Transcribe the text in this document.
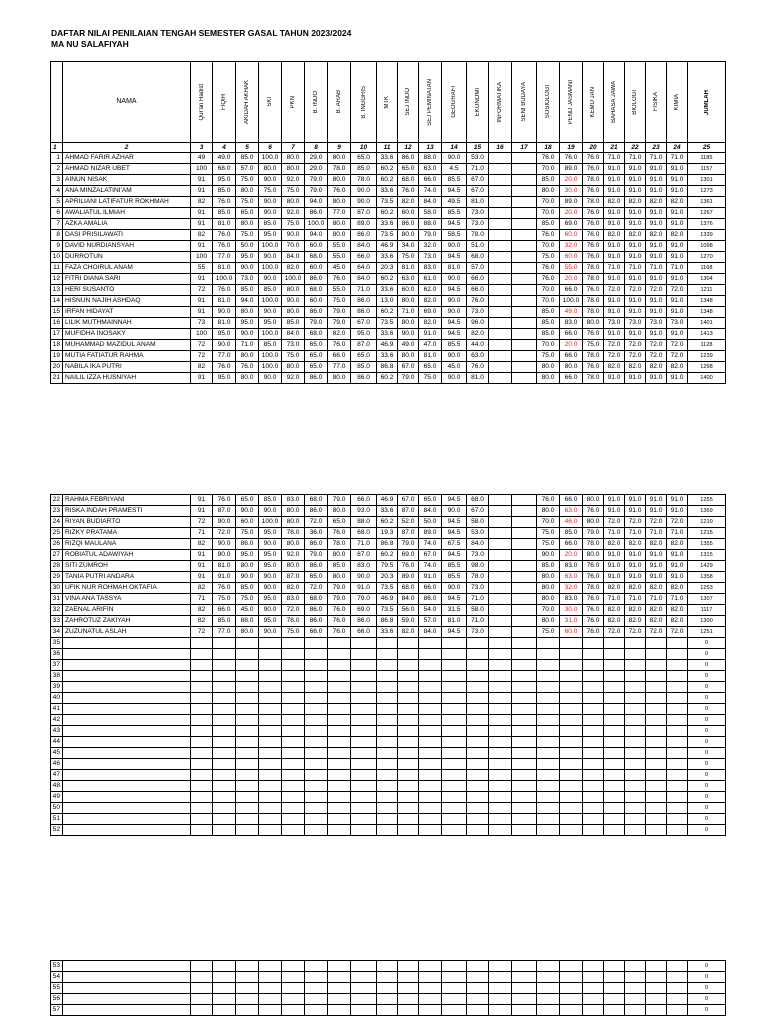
DAFTAR NILAI PENILAIAN TENGAH SEMESTER GASAL TAHUN 2023/2024
MA NU SALAFIYAH
	NAMA	Qur'an Hadist	FIQIH	AKIDAH AKHAK	SKI	PKN	B. INDO	B. ARAB	B. INGGRIS	MTK	SEJ INDO	SEJ PEMINATAN	GEOGRAFI	EKONOMI	INFORMATIKA	SENI BUDAYA	SOSIOLOGI	PEND JASMANI	KEMU JAN	BAHASA JAWA	BIOLOGI	FISIKA	KIMIA	JUMLAH

1	2	3	4	5	6	7	8	9	10	11	12	13	14	15	16	17	18	19	20	21	22	23	24	25
1	AHMAD FARIR AZHAR	49	49.0	85.0	100.0	80.0	29.0	80.0	65.0	33.6	86.0	88.0	90.0	53.0			76.0	76.0	76.0	71.0	71.0	71.0	71.0	1185
2	AHMAD NIZAR UBET	100	68.0	57.0	80.0	80.0	29.0	78.0	85.0	60.2	65.0	63.0	4.5	71.0			70.0	89.0	76.0	91.0	91.0	91.0	91.0	1157
3	AINUN NISAK	91	95.0	75.0	90.0	92.0	79.0	80.0	78.0	60.2	68.0	66.0	85.5	67.0			85.0	20.0	78.0	91.0	91.0	91.0	91.0	1301
4	ANA MINZALATINI'AM	91	85.0	80.0	75.0	75.0	79.0	76.0	90.0	33.6	76.0	74.0	94.5	67.0			80.0	30.0	76.0	91.0	91.0	91.0	91.0	1273
5	APRILIANI LATIFATUR ROKHMAH	82	76.0	75.0	90.0	80.0	94.0	80.0	90.0	73.5	82.0	84.0	49.5	81.0			70.0	89.0	78.0	82.0	82.0	82.0	82.0	1361
6	AWALIATUL ILMIAH	91	85.0	65.0	90.0	92.0	86.0	77.0	87.0	60.2	60.0	58.0	85.5	73.0			70.0	20.0	76.0	91.0	91.0	91.0	91.0	1267
7	AZKA AMALIA	91	81.0	80.0	85.0	75.0	100.0	80.0	89.0	33.6	86.0	88.0	94.5	73.0			85.0	69.0	76.0	91.0	91.0	91.0	91.0	1376
8	DASI PRISILAWATI	82	76.0	75.0	95.0	90.0	94.0	80.0	86.0	73.5	80.0	79.0	58.5	78.0			76.0	60.0	76.0	82.0	82.0	82.0	82.0	1339
9	DAVID NURDIANSYAH	91	76.0	50.0	100.0	70.0	60.0	55.0	84.0	46.9	34.0	32.0	90.0	51.0			70.0	32.0	76.0	91.0	91.0	91.0	91.0	1098
10	DURROTUN	100	77.0	95.0	90.0	84.0	68.0	55.0	66.0	33.6	75.0	73.0	94.5	68.0			75.0	60.0	76.0	91.0	91.0	91.0	91.0	1270
11	FAZA CHOIRUL ANAM	55	81.0	90.0	100.0	82.0	60.0	45.0	64.0	20.3	81.0	83.0	81.0	57.0			76.0	55.0	78.0	71.0	71.0	71.0	71.0	1168
12	FITRI DIANA SARI	91	100.0	73.0	90.0	100.0	86.0	76.0	84.0	60.2	63.0	61.0	90.0	66.0			76.0	20.0	78.0	91.0	91.0	91.0	91.0	1304
13	HERI SUSANTO	72	76.0	85.0	85.0	80.0	68.0	55.0	71.0	33.6	60.0	62.0	94.5	66.0			70.0	66.0	76.0	72.0	72.0	72.0	72.0	1211
14	HISNUN NAJIH ASHDAQ	91	81.0	94.0	100.0	90.0	60.0	75.0	86.0	13.0	80.0	82.0	90.0	76.0			70.0	100.0	78.0	91.0	91.0	91.0	91.0	1348
15	IRFAN HIDAYAT	91	90.0	80.0	90.0	80.0	86.0	79.0	86.0	60.2	71.0	69.0	90.0	73.0			85.0	49.0	78.0	91.0	91.0	91.0	91.0	1348
16	LILIK MUTHMAINNAH	73	81.0	95.0	95.0	85.0	79.0	79.0	67.0	73.5	80.0	82.0	94.5	96.0			85.0	83.0	80.0	73.0	73.0	73.0	73.0	1401
17	MUFIDHA INOSAKY	100	95.0	90.0	100.0	84.0	68.0	82.0	95.0	33.6	90.0	91.0	94.5	82.0			85.0	66.0	76.0	91.0	91.0	91.0	91.0	1413
18	MUHAMMAD MAZIDUL ANAM	72	90.0	71.0	85.0	73.0	65.0	76.0	87.0	46.9	49.0	47.0	85.5	44.0			70.0	20.0	75.0	72.0	72.0	72.0	72.0	1128
19	MUTIA FATIATUR RAHMA	72	77.0	80.0	100.0	75.0	65.0	66.0	65.0	33.6	80.0	81.0	90.0	63.0			75.0	66.0	78.0	72.0	72.0	72.0	72.0	1239
20	NABILA IKA PUTRI	82	76.0	76.0	100.0	80.0	65.0	77.0	85.0	86.8	67.0	65.0	45.0	76.0			80.0	80.0	76.0	82.0	82.0	82.0	82.0	1298
21	NAILIL IZZA HUSNIYAH	91	95.0	80.0	90.0	92.0	86.0	80.0	86.0	60.2	79.0	75.0	90.0	81.0			80.0	66.0	78.0	91.0	91.0	91.0	91.0	1400
22	RAHMA FEBRIYANI	91	76.0	65.0	85.0	83.0	68.0	79.0	66.0	46.9	67.0	65.0	94.5	68.0			76.0	66.0	80.0	91.0	91.0	91.0	91.0	1255
23	RISKA INDAH PRAMESTI	91	87.0	90.0	90.0	80.0	86.0	80.0	93.0	33.6	87.0	84.0	90.0	67.0			80.0	63.0	76.0	91.0	91.0	91.0	91.0	1369
24	RIYAN BUDIARTO	72	90.0	60.0	100.0	80.0	72.0	65.0	88.0	60.2	52.0	50.0	94.5	58.0			70.0	46.0	80.0	72.0	72.0	72.0	72.0	1210
25	RIZKY PRATAMA	71	72.0	75.0	95.0	78.0	36.0	76.0	68.0	19.3	87.0	89.0	94.5	53.0			75.0	85.0	79.0	71.0	71.0	71.0	71.0	1215
26	RIZQI MAULANA	82	90.0	86.0	90.0	80.0	86.0	78.0	71.0	86.8	79.0	74.0	67.5	84.0			75.0	66.0	78.0	82.0	82.0	82.0	82.0	1355
27	ROBIATUL ADAWIYAH	91	90.0	95.0	95.0	92.0	79.0	80.0	87.0	60.2	69.0	67.0	94.5	73.0			90.0	20.0	80.0	91.0	91.0	91.0	91.0	1315
28	SITI ZUMROH	91	81.0	80.0	95.0	80.0	86.0	85.0	83.0	79.5	76.0	74.0	85.5	98.0			85.0	83.0	76.0	91.0	91.0	91.0	91.0	1429
29	TANIA PUTRI ANDARA	91	91.0	90.0	90.0	87.0	65.0	80.0	90.0	20.3	89.0	91.0	85.5	78.0			80.0	63.0	76.0	91.0	91.0	91.0	91.0	1358
30	UFIK NUR ROHMAH OKTAFIA	82	76.0	85.0	90.0	82.0	72.0	79.0	91.0	73.5	68.0	66.0	90.0	73.0			80.0	32.0	78.0	82.0	82.0	82.0	82.0	1253
31	VINA ANA TASSYA	71	75.0	75.0	95.0	83.0	68.0	79.0	79.0	46.9	84.0	86.0	94.5	71.0			80.0	83.0	76.0	71.0	71.0	71.0	71.0	1307
32	ZAENAL ARIFIN	82	66.0	45.0	90.0	72.0	86.0	76.0	69.0	73.5	56.0	54.0	31.5	58.0			70.0	30.0	76.0	82.0	82.0	82.0	82.0	1117
33	ZAHROTUZ ZAKIYAH	82	85.0	88.0	95.0	78.0	86.0	76.0	86.0	86.8	59.0	57.0	81.0	71.0			80.0	31.0	76.0	82.0	82.0	82.0	82.0	1300
34	ZUZUNATUL ASLAH	72	77.0	80.0	90.0	75.0	66.0	76.0	66.0	33.6	82.0	84.0	94.5	73.0			75.0	60.0	76.0	72.0	72.0	72.0	72.0	1251
35																								0
36																								0
37																								0
38																								0
39																								0
40																								0
41																								0
42																								0
43																								0
44																								0
45																								0
46																								0
47																								0
48																								0
49																								0
50																								0
51																								0
52																								0
53																								0
54																								0
55																								0
56																								0
57																								0
